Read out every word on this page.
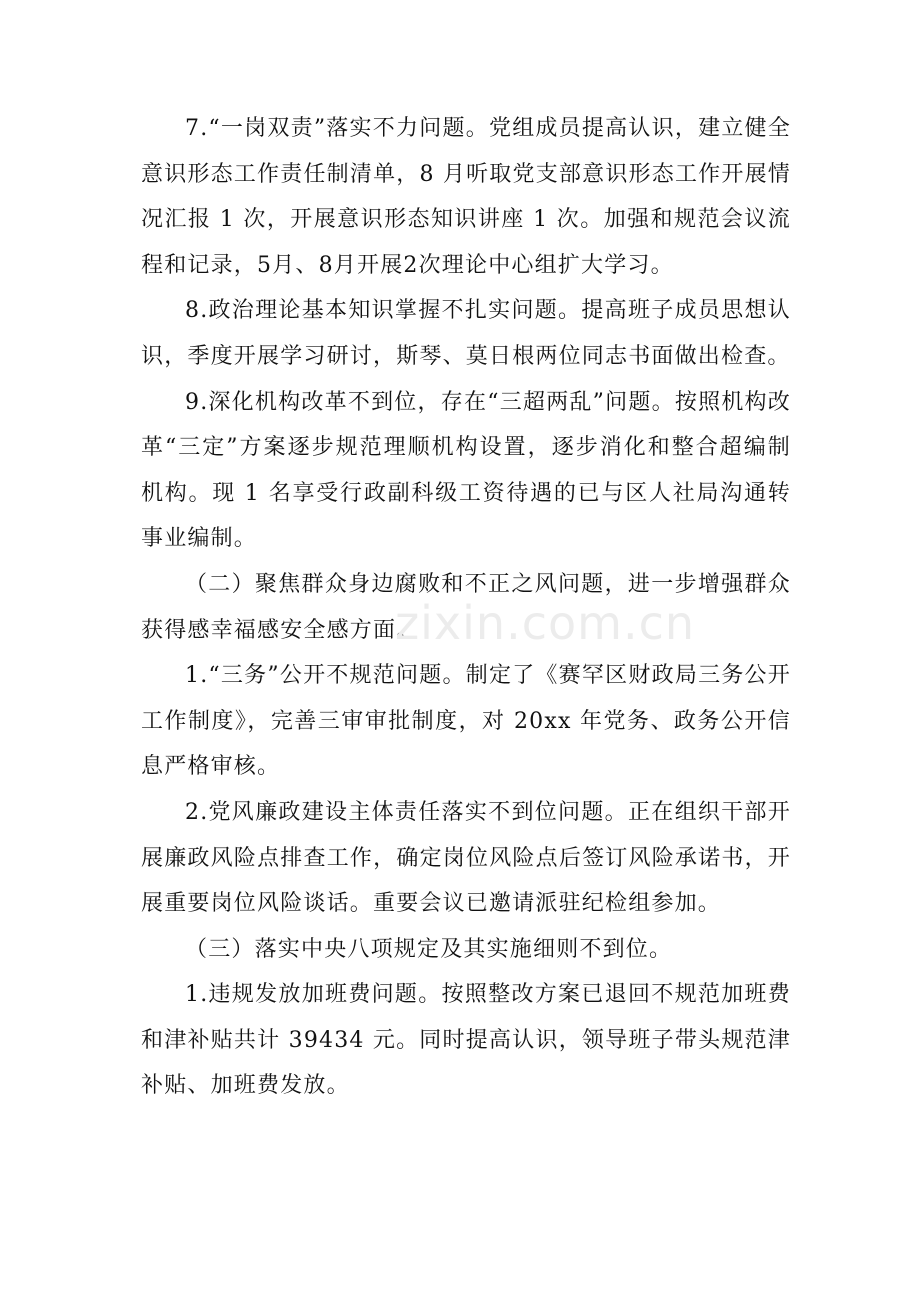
7.“一岗双责”落实不力问题。党组成员提高认识，建立健全意识形态工作责任制清单，8 月听取党支部意识形态工作开展情况汇报 1 次，开展意识形态知识讲座 1 次。加强和规范会议流程和记录，5月、8月开展2次理论中心组扩大学习。

8.政治理论基本知识掌握不扎实问题。提高班子成员思想认识，季度开展学习研讨，斯琴、莫日根两位同志书面做出检查。

9.深化机构改革不到位，存在“三超两乱”问题。按照机构改革“三定”方案逐步规范理顺机构设置，逐步消化和整合超编制机构。现 1 名享受行政副科级工资待遇的已与区人社局沟通转事业编制。

（二）聚焦群众身边腐败和不正之风问题，进一步增强群众获得感幸福感安全感方面。

1.“三务”公开不规范问题。制定了《赛罕区财政局三务公开工作制度》，完善三审审批制度，对 20xx 年党务、政务公开信息严格审核。

2.党风廉政建设主体责任落实不到位问题。正在组织干部开展廉政风险点排查工作，确定岗位风险点后签订风险承诺书，开展重要岗位风险谈话。重要会议已邀请派驻纪检组参加。

（三）落实中央八项规定及其实施细则不到位。

1.违规发放加班费问题。按照整改方案已退回不规范加班费和津补贴共计 39434 元。同时提高认识，领导班子带头规范津补贴、加班费发放。

zixin.com.cn
